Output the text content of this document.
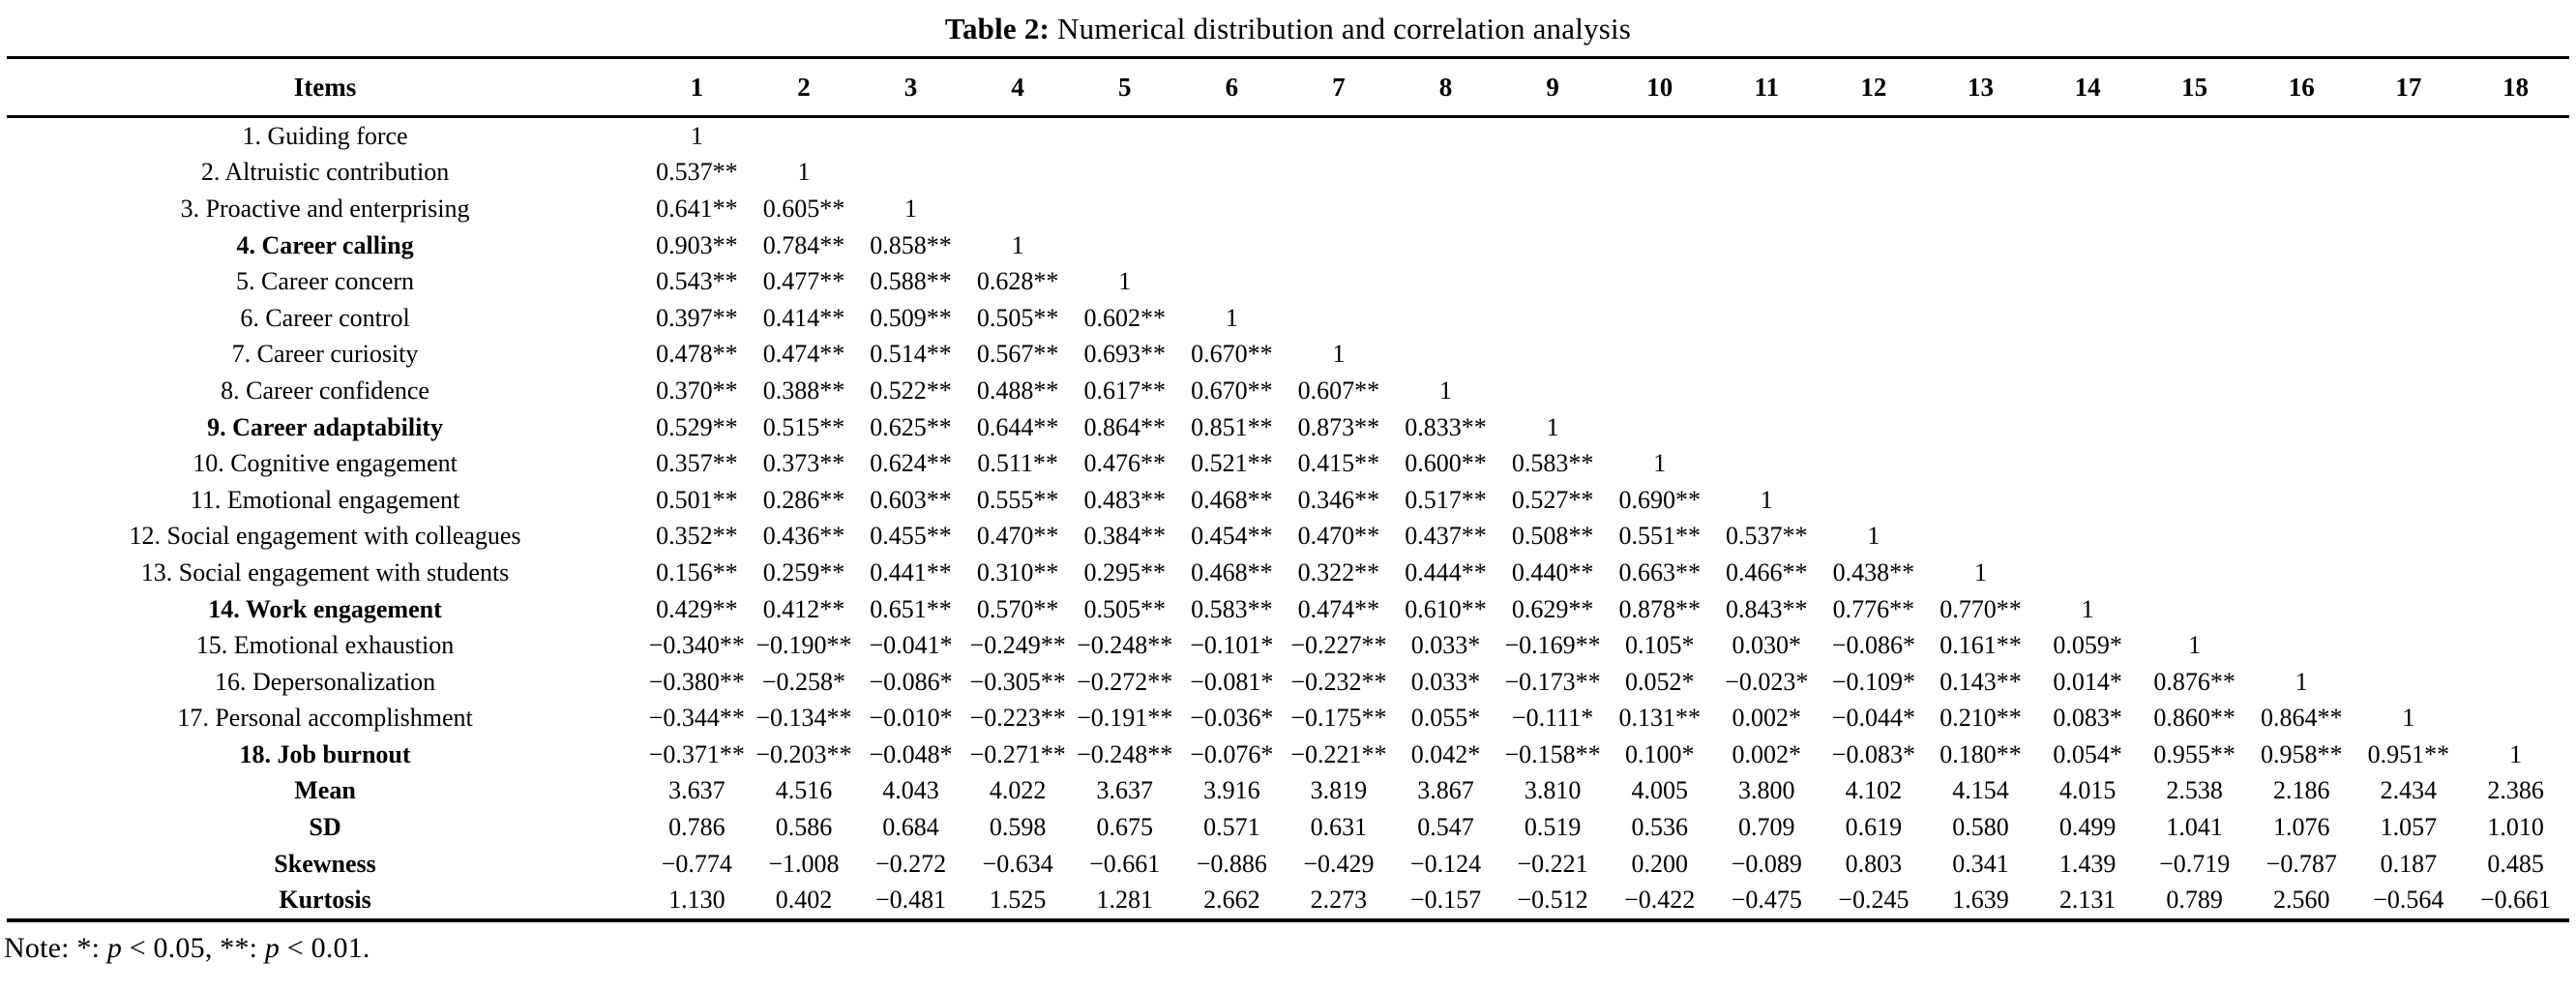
Table 2: Numerical distribution and correlation analysis
Items	1	2	3	4	5	6	7	8	9	10	11	12	13	14	15	16	17	18
1. Guiding force	1																	
2. Altruistic contribution	0.537**	1																
3. Proactive and enterprising	0.641**	0.605**	1															
4. Career calling	0.903**	0.784**	0.858**	1														
5. Career concern	0.543**	0.477**	0.588**	0.628**	1													
6. Career control	0.397**	0.414**	0.509**	0.505**	0.602**	1												
7. Career curiosity	0.478**	0.474**	0.514**	0.567**	0.693**	0.670**	1											
8. Career confidence	0.370**	0.388**	0.522**	0.488**	0.617**	0.670**	0.607**	1										
9. Career adaptability	0.529**	0.515**	0.625**	0.644**	0.864**	0.851**	0.873**	0.833**	1									
10. Cognitive engagement	0.357**	0.373**	0.624**	0.511**	0.476**	0.521**	0.415**	0.600**	0.583**	1								
11. Emotional engagement	0.501**	0.286**	0.603**	0.555**	0.483**	0.468**	0.346**	0.517**	0.527**	0.690**	1							
12. Social engagement with colleagues	0.352**	0.436**	0.455**	0.470**	0.384**	0.454**	0.470**	0.437**	0.508**	0.551**	0.537**	1						
13. Social engagement with students	0.156**	0.259**	0.441**	0.310**	0.295**	0.468**	0.322**	0.444**	0.440**	0.663**	0.466**	0.438**	1					
14. Work engagement	0.429**	0.412**	0.651**	0.570**	0.505**	0.583**	0.474**	0.610**	0.629**	0.878**	0.843**	0.776**	0.770**	1				
15. Emotional exhaustion	−0.340**	−0.190**	−0.041*	−0.249**	−0.248**	−0.101*	−0.227**	0.033*	−0.169**	0.105*	0.030*	−0.086*	0.161**	0.059*	1			
16. Depersonalization	−0.380**	−0.258*	−0.086*	−0.305**	−0.272**	−0.081*	−0.232**	0.033*	−0.173**	0.052*	−0.023*	−0.109*	0.143**	0.014*	0.876**	1		
17. Personal accomplishment	−0.344**	−0.134**	−0.010*	−0.223**	−0.191**	−0.036*	−0.175**	0.055*	−0.111*	0.131**	0.002*	−0.044*	0.210**	0.083*	0.860**	0.864**	1	
18. Job burnout	−0.371**	−0.203**	−0.048*	−0.271**	−0.248**	−0.076*	−0.221**	0.042*	−0.158**	0.100*	0.002*	−0.083*	0.180**	0.054*	0.955**	0.958**	0.951**	1
Mean	3.637	4.516	4.043	4.022	3.637	3.916	3.819	3.867	3.810	4.005	3.800	4.102	4.154	4.015	2.538	2.186	2.434	2.386
SD	0.786	0.586	0.684	0.598	0.675	0.571	0.631	0.547	0.519	0.536	0.709	0.619	0.580	0.499	1.041	1.076	1.057	1.010
Skewness	−0.774	−1.008	−0.272	−0.634	−0.661	−0.886	−0.429	−0.124	−0.221	0.200	−0.089	0.803	0.341	1.439	−0.719	−0.787	0.187	0.485
Kurtosis	1.130	0.402	−0.481	1.525	1.281	2.662	2.273	−0.157	−0.512	−0.422	−0.475	−0.245	1.639	2.131	0.789	2.560	−0.564	−0.661
Note: *: p < 0.05, **: p < 0.01.
